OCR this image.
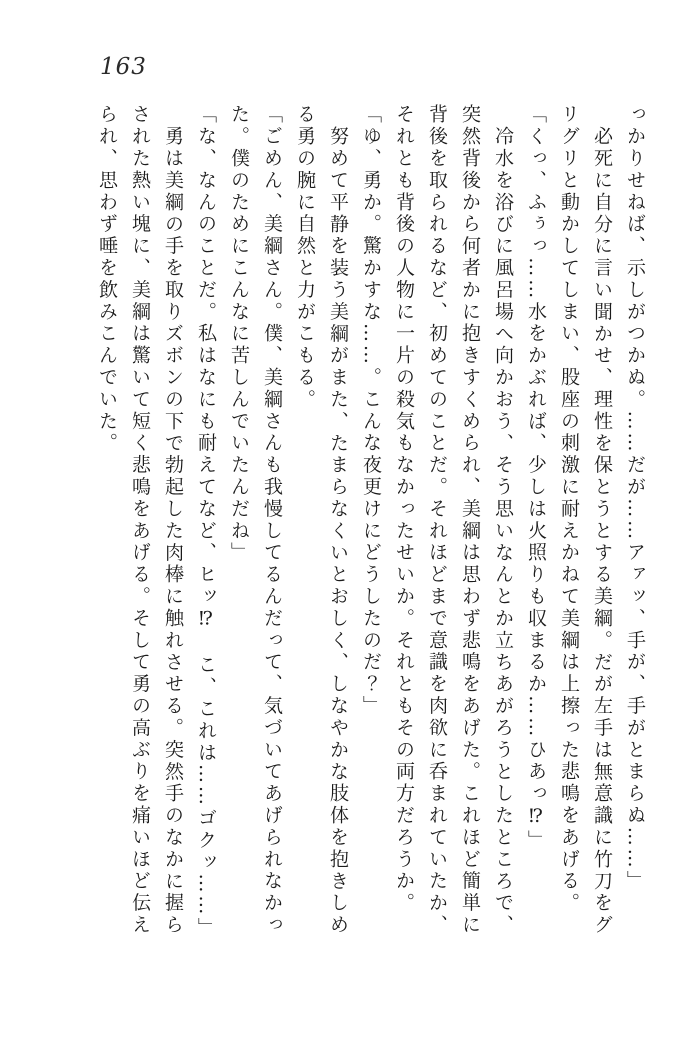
163

っかりせねば、示しがつかぬ。……だが……アァッ、手が、手がとまらぬ……」

必死に自分に言い聞かせ、理性を保とうとする美綱。だが左手は無意識に竹刀をグリグリと動かしてしまい、股座の刺激に耐えかねて美綱は上擦った悲鳴をあげる。

「くっ、ふぅっ……水をかぶれば、少しは火照りも収まるか……ひあっ⁉」

冷水を浴びに風呂場へ向かおう、そう思いなんとか立ちあがろうとしたところで、突然背後から何者かに抱きすくめられ、美綱は思わず悲鳴をあげた。これほど簡単に背後を取られるなど、初めてのことだ。それほどまで意識を肉欲に呑まれていたか、それとも背後の人物に一片の殺気もなかったせいか。それともその両方だろうか。

「ゆ、勇か。驚かすな……。こんな夜更けにどうしたのだ？」

努めて平静を装う美綱がまた、たまらなくいとおしく、しなやかな肢体を抱きしめる勇の腕に自然と力がこもる。

「ごめん、美綱さん。僕、美綱さんも我慢してるんだって、気づいてあげられなかった。僕のためにこんなに苦しんでいたんだね」

「な、なんのことだ。私はなにも耐えてなど、ヒッ⁉　こ、これは……ゴクッ……」

勇は美綱の手を取りズボンの下で勃起した肉棒に触れさせる。突然手のなかに握らされた熱い塊に、美綱は驚いて短く悲鳴をあげる。そして勇の高ぶりを痛いほど伝えられ、思わず唾を飲みこんでいた。
